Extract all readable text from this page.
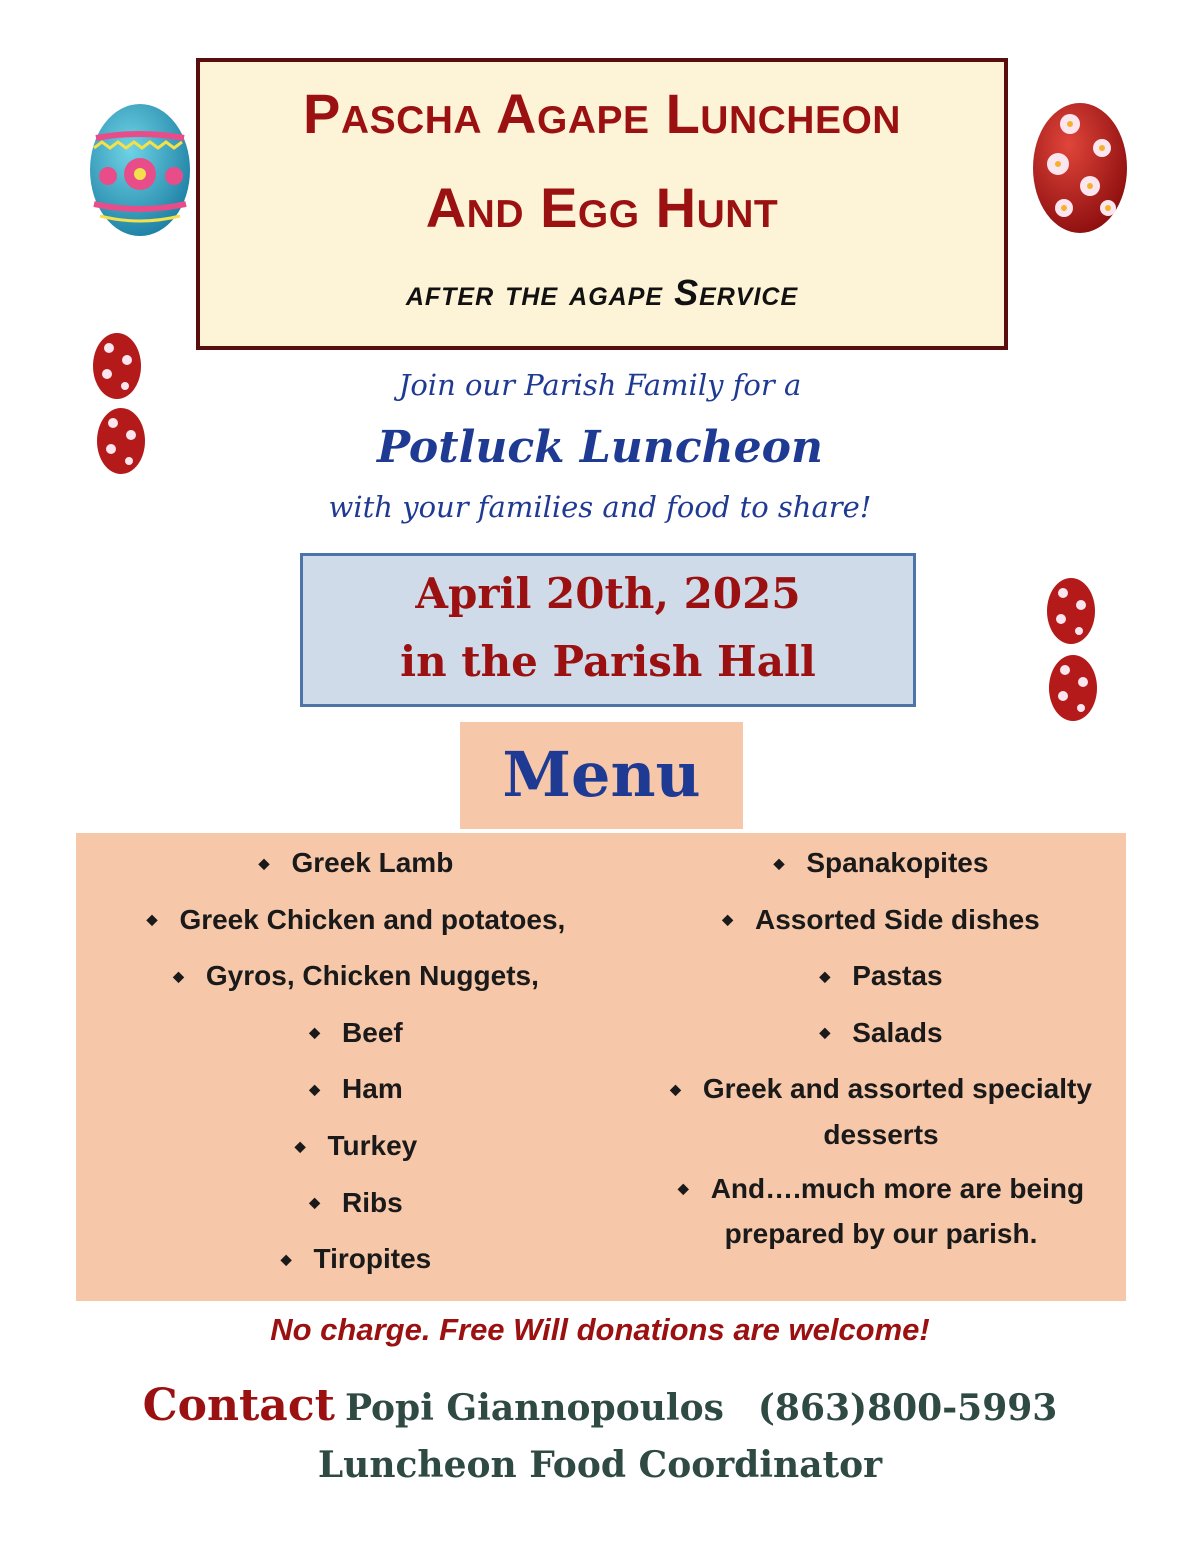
Pascha Agape Luncheon
And Egg Hunt
after the agape Service
Join our Parish Family for a
Potluck Luncheon
with your families and food to share!
April 20th, 2025
in the Parish Hall
Menu
◆ Greek Lamb
◆ Greek Chicken and potatoes,
◆ Gyros, Chicken Nuggets,
◆ Beef
◆ Ham
◆ Turkey
◆ Ribs
◆ Tiropites
◆ Spanakopites
◆ Assorted Side dishes
◆ Pastas
◆ Salads
◆ Greek and assorted specialty
desserts
◆ And….much more are being
prepared by our parish.
No charge. Free Will donations are welcome!
Contact Popi Giannopoulos (863)800-5993
Luncheon Food Coordinator
